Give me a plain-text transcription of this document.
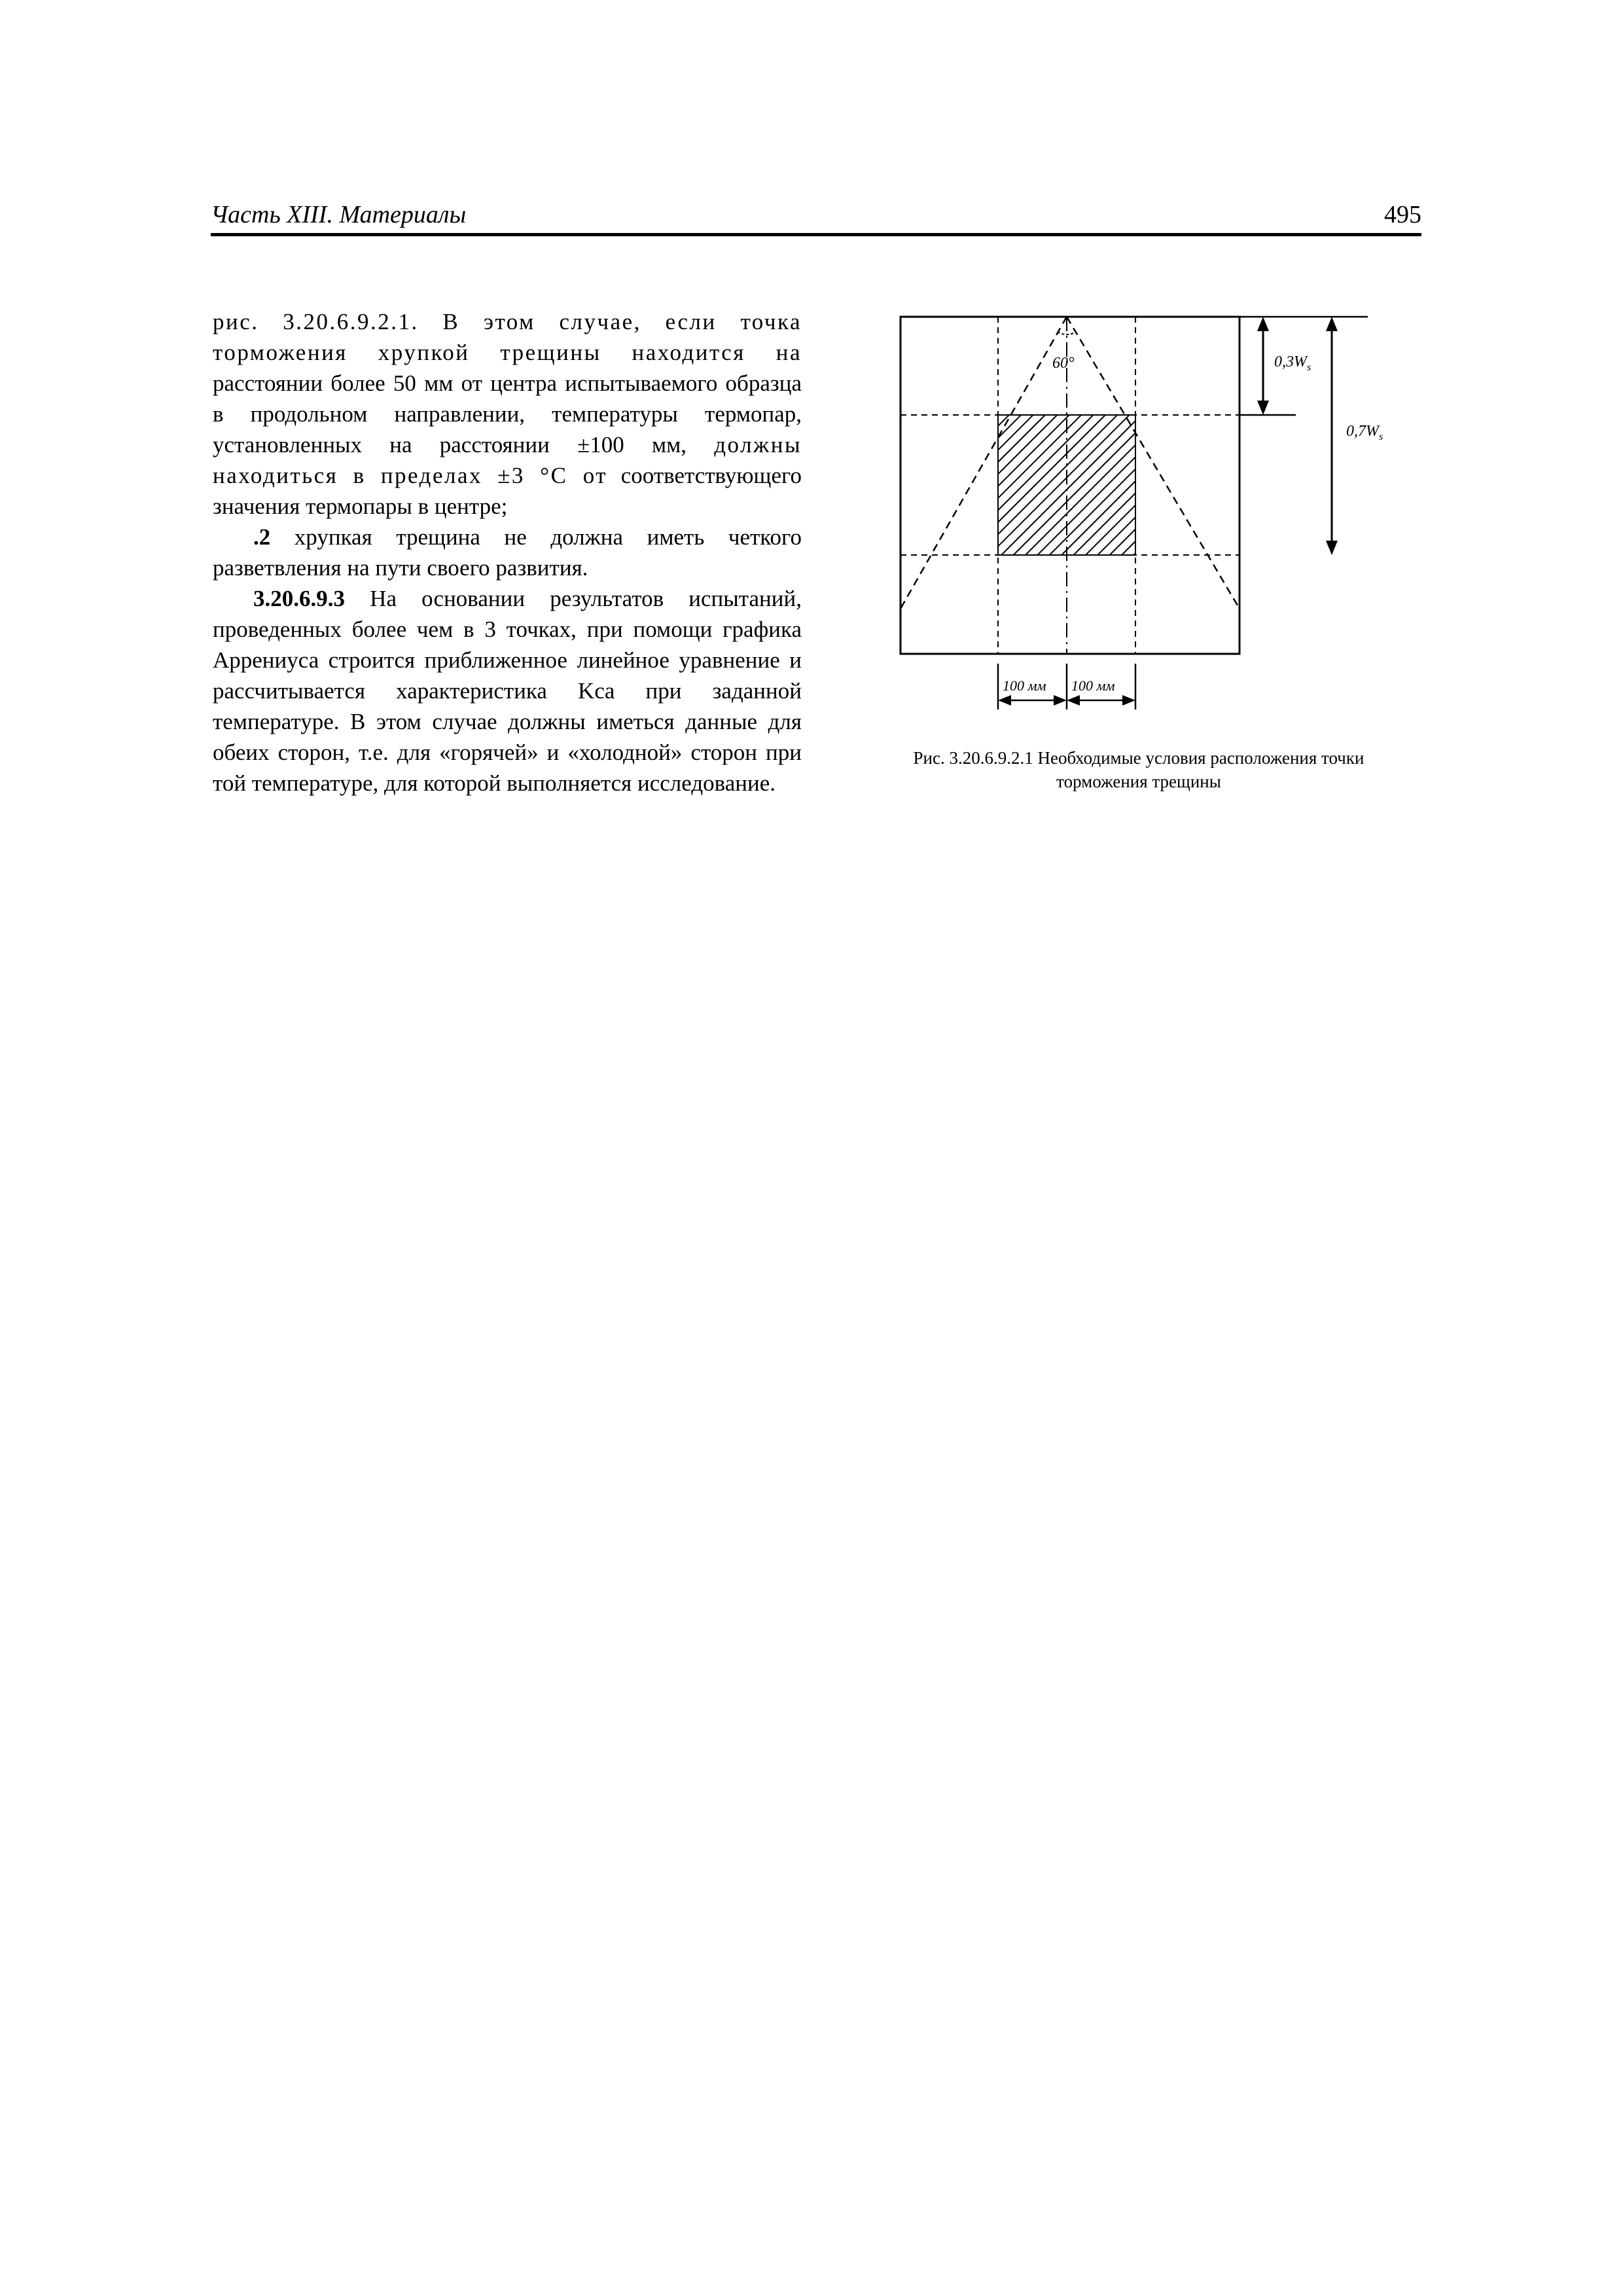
Часть XIII. Материалы	495

рис. 3.20.6.9.2.1. В этом случае, если точка торможения хрупкой трещины находится на расстоянии более 50 мм от центра испытываемого образца в продольном направлении, температуры термопар, установленных на расстоянии ±100 мм, должны находиться в пределах ±3 °С от соответствующего значения термопары в центре;

.2 хрупкая трещина не должна иметь четкого разветвления на пути своего развития.

3.20.6.9.3 На основании результатов испытаний, проведенных более чем в 3 точках, при помощи графика Аррениуса строится приближенное линейное уравнение и рассчитывается характеристика Kca при заданной температуре. В этом случае должны иметься данные для обеих сторон, т.е. для «горячей» и «холодной» сторон при той температуре, для которой выполняется исследование.

60°	$0,3W_s$
$0,7W_s$
100 мм 100 мм
Рис. 3.20.6.9.2.1 Необходимые условия расположения точки
торможения трещины
